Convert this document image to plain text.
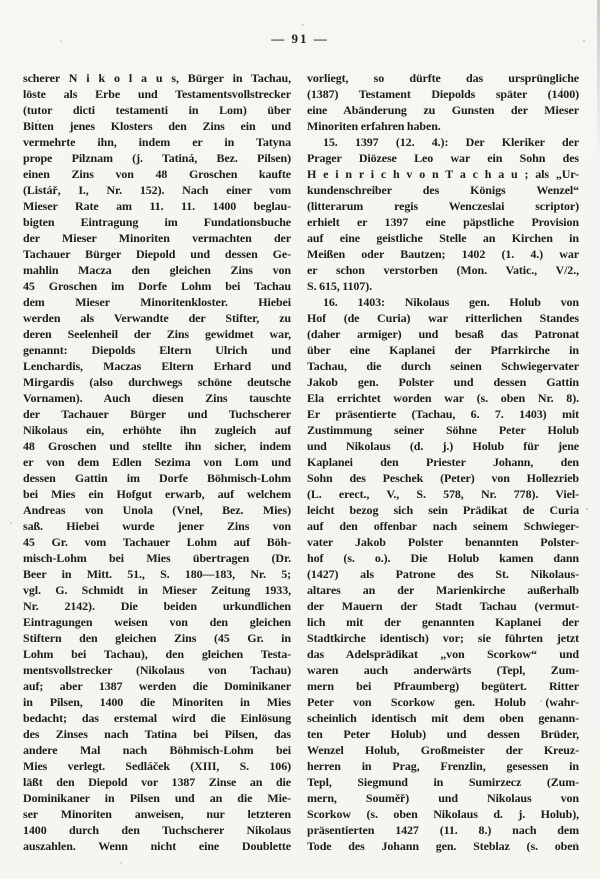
— 91 —
scherer N i k o l a u s, Bürger in Tachau,
löste als Erbe und Testamentsvollstrecker
(tutor dicti testamenti in Lom) über
Bitten jenes Klosters den Zins ein und
vermehrte ihn, indem er in Tatyna
prope Pilznam (j. Tatiná, Bez. Pilsen)
einen Zins von 48 Groschen kaufte
(Listář, I., Nr. 152). Nach einer vom
Mieser Rate am 11. 11. 1400 beglau-
bigten Eintragung im Fundationsbuche
der Mieser Minoriten vermachten der
Tachauer Bürger Diepold und dessen Ge-
mahlin Macza den gleichen Zins von
45 Groschen im Dorfe Lohm bei Tachau
dem Mieser Minoritenkloster. Hiebei
werden als Verwandte der Stifter, zu
deren Seelenheil der Zins gewidmet war,
genannt: Diepolds Eltern Ulrich und
Lenchardis, Maczas Eltern Erhard und
Mirgardis (also durchwegs schöne deutsche
Vornamen). Auch diesen Zins tauschte
der Tachauer Bürger und Tuchscherer
Nikolaus ein, erhöhte ihn zugleich auf
48 Groschen und stellte ihn sicher, indem
er von dem Edlen Sezima von Lom und
dessen Gattin im Dorfe Böhmisch-Lohm
bei Mies ein Hofgut erwarb, auf welchem
Andreas von Unola (Vnel, Bez. Mies)
saß. Hiebei wurde jener Zins von
45 Gr. vom Tachauer Lohm auf Böh-
misch-Lohm bei Mies übertragen (Dr.
Beer in Mitt. 51., S. 180—183, Nr. 5;
vgl. G. Schmidt in Mieser Zeitung 1933,
Nr. 2142). Die beiden urkundlichen
Eintragungen weisen von den gleichen
Stiftern den gleichen Zins (45 Gr. in
Lohm bei Tachau), den gleichen Testa-
mentsvollstrecker (Nikolaus von Tachau)
auf; aber 1387 werden die Dominikaner
in Pilsen, 1400 die Minoriten in Mies
bedacht; das erstemal wird die Einlösung
des Zinses nach Tatina bei Pilsen, das
andere Mal nach Böhmisch-Lohm bei
Mies verlegt. Sedláček (XIII, S. 106)
läßt den Diepold vor 1387 Zinse an die
Dominikaner in Pilsen und an die Mie-
ser Minoriten anweisen, nur letzteren
1400 durch den Tuchscherer Nikolaus
auszahlen. Wenn nicht eine Doublette
vorliegt, so dürfte das ursprüngliche
(1387) Testament Diepolds später (1400)
eine Abänderung zu Gunsten der Mieser
Minoriten erfahren haben.
15. 1397 (12. 4.): Der Kleriker der
Prager Diözese Leo war ein Sohn des
H e i n r i c h v o n T a c h a u ; als „Ur-
kundenschreiber des Königs Wenzel“
(litterarum regis Wenczeslai scriptor)
erhielt er 1397 eine päpstliche Provision
auf eine geistliche Stelle an Kirchen in
Meißen oder Bautzen; 1402 (1. 4.) war
er schon verstorben (Mon. Vatic., V/2.,
S. 615, 1107).
16. 1403: Nikolaus gen. Holub von
Hof (de Curia) war ritterlichen Standes
(daher armiger) und besaß das Patronat
über eine Kaplanei der Pfarrkirche in
Tachau, die durch seinen Schwiegervater
Jakob gen. Polster und dessen Gattin
Ela errichtet worden war (s. oben Nr. 8).
Er präsentierte (Tachau, 6. 7. 1403) mit
Zustimmung seiner Söhne Peter Holub
und Nikolaus (d. j.) Holub für jene
Kaplanei den Priester Johann, den
Sohn des Peschek (Peter) von Hollezrieb
(L. erect., V., S. 578, Nr. 778). Viel-
leicht bezog sich sein Prädikat de Curia
auf den offenbar nach seinem Schwieger-
vater Jakob Polster benannten Polster-
hof (s. o.). Die Holub kamen dann
(1427) als Patrone des St. Nikolaus-
altares an der Marienkirche außerhalb
der Mauern der Stadt Tachau (vermut-
lich mit der genannten Kaplanei der
Stadtkirche identisch) vor; sie führten jetzt
das Adelsprädikat „von Scorkow“ und
waren auch anderwärts (Tepl, Zum-
mern bei Pfraumberg) begütert. Ritter
Peter von Scorkow gen. Holub (wahr-
scheinlich identisch mit dem oben genann-
ten Peter Holub) und dessen Brüder,
Wenzel Holub, Großmeister der Kreuz-
herren in Prag, Frenzlin, gesessen in
Tepl, Siegmund in Sumirzecz (Zum-
mern, Souměř) und Nikolaus von
Scorkow (s. oben Nikolaus d. j. Holub),
präsentierten 1427 (11. 8.) nach dem
Tode des Johann gen. Steblaz (s. oben
